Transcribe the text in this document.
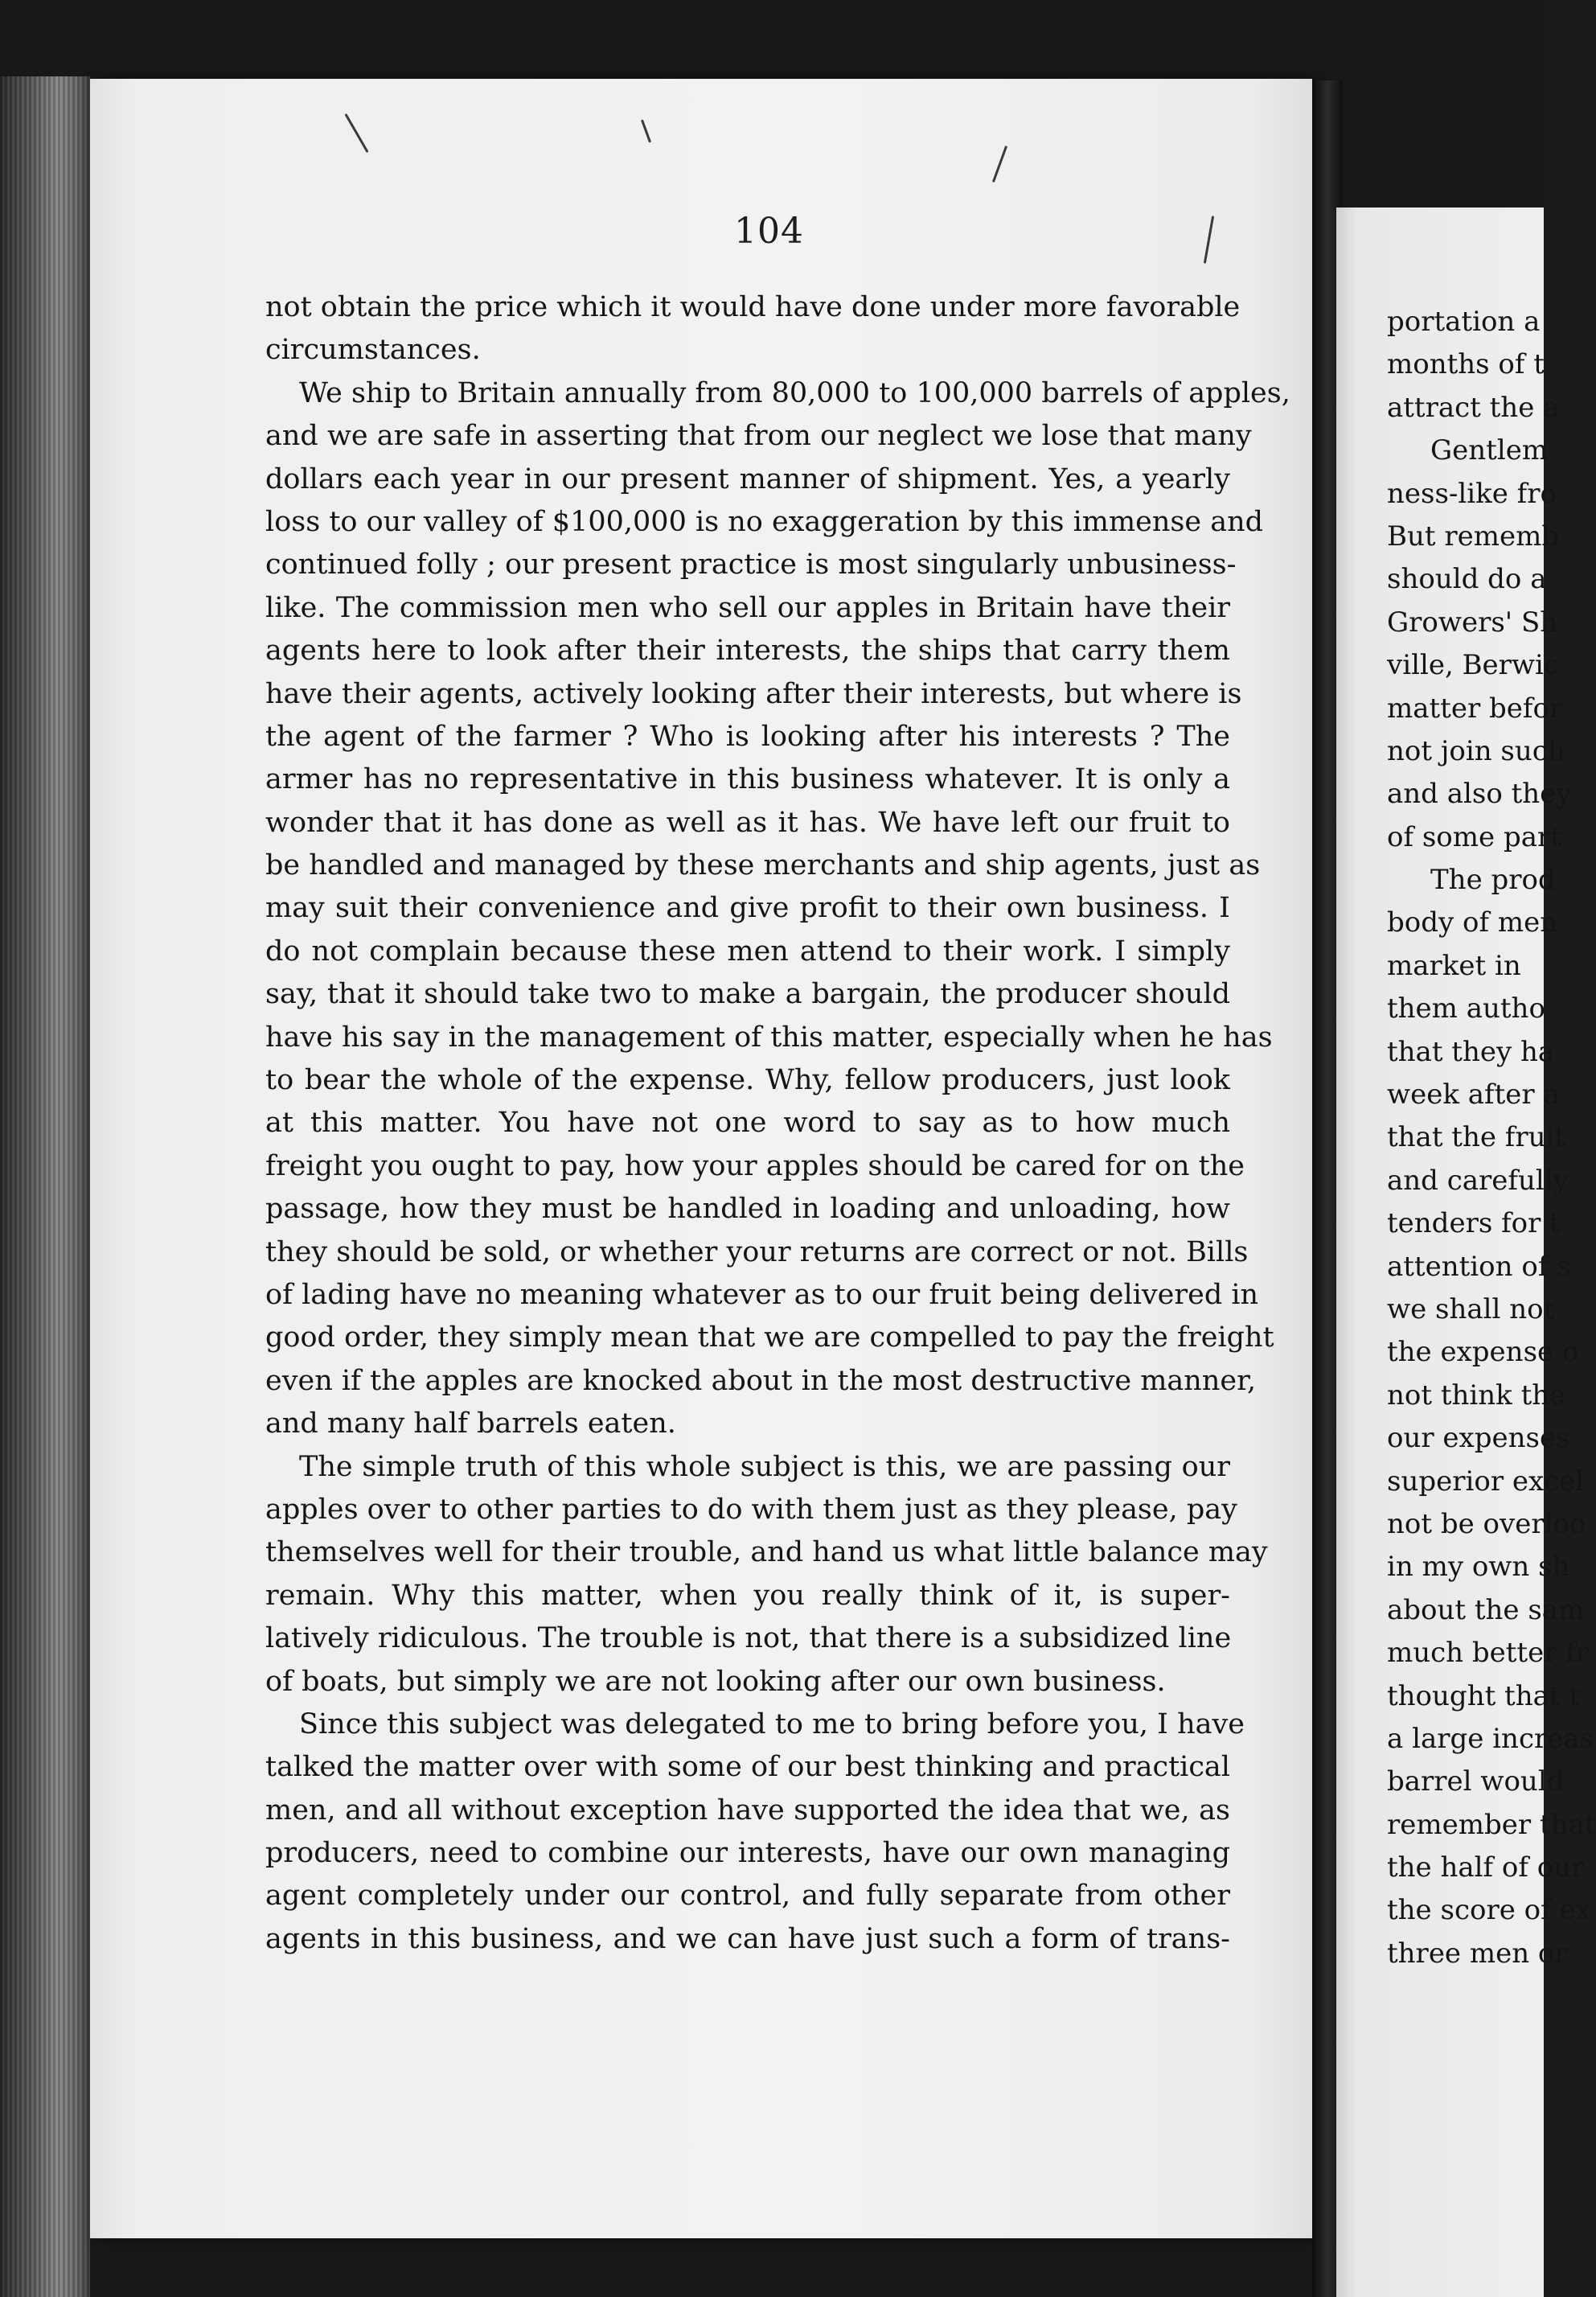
104
not obtain the price which it would have done under more favorable
circumstances.
We ship to Britain annually from 80,000 to 100,000 barrels of apples,
and we are safe in asserting that from our neglect we lose that many
dollars each year in our present manner of shipment. Yes, a yearly
loss to our valley of $100,000 is no exaggeration by this immense and
continued folly ; our present practice is most singularly unbusiness-
like. The commission men who sell our apples in Britain have their
agents here to look after their interests, the ships that carry them
have their agents, actively looking after their interests, but where is
the agent of the farmer ? Who is looking after his interests ? The
armer has no representative in this business whatever. It is only a
wonder that it has done as well as it has. We have left our fruit to
be handled and managed by these merchants and ship agents, just as
may suit their convenience and give profit to their own business. I
do not complain because these men attend to their work. I simply
say, that it should take two to make a bargain, the producer should
have his say in the management of this matter, especially when he has
to bear the whole of the expense. Why, fellow producers, just look
at this matter. You have not one word to say as to how much
freight you ought to pay, how your apples should be cared for on the
passage, how they must be handled in loading and unloading, how
they should be sold, or whether your returns are correct or not. Bills
of lading have no meaning whatever as to our fruit being delivered in
good order, they simply mean that we are compelled to pay the freight
even if the apples are knocked about in the most destructive manner,
and many half barrels eaten.
The simple truth of this whole subject is this, we are passing our
apples over to other parties to do with them just as they please, pay
themselves well for their trouble, and hand us what little balance may
remain. Why this matter, when you really think of it, is super-
latively ridiculous. The trouble is not, that there is a subsidized line
of boats, but simply we are not looking after our own business.
Since this subject was delegated to me to bring before you, I have
talked the matter over with some of our best thinking and practical
men, and all without exception have supported the idea that we, as
producers, need to combine our interests, have our own managing
agent completely under our control, and fully separate from other
agents in this business, and we can have just such a form of trans-
portation a
months of t
attract the a
Gentlem
ness-like fro
But rememb
should do a
Growers' Sh
ville, Berwic
matter befor
not join such
and also they
of some part
The prod
body of men
market in
them autho
that they ha
week after a
that the fruit
and carefully
tenders for t
attention of s
we shall not
the expense o
not think the
our expenses
superior excel
not be overloo
in my own sh
about the sam
much better fr
thought that t
a large increas
barrel would
remember that
the half of our
the score of ex
three men or
